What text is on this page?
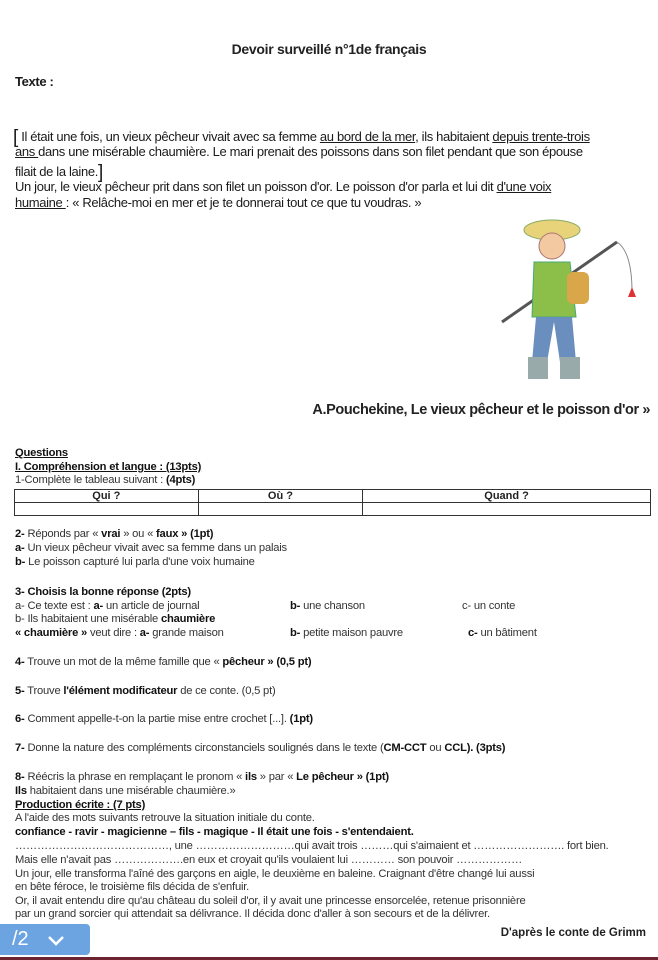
Devoir surveillé n°1de français
Texte :
[ Il était une fois, un vieux pêcheur vivait avec sa femme au bord de la mer, ils habitaient depuis trente-trois
ans dans une misérable chaumière. Le mari prenait des poissons dans son filet pendant que son épouse
filait de la laine.]
Un jour, le vieux pêcheur prit dans son filet un poisson d'or. Le poisson d'or parla et lui dit d'une voix
humaine : « Relâche-moi en mer et je te donnerai tout ce que tu voudras. »
A.Pouchekine, Le vieux pêcheur et le poisson d'or »
Questions
I. Compréhension et langue : (13pts)
1-Complète le tableau suivant : (4pts)
Qui ?	Où ?	Quand ?

2- Réponds par « vrai » ou « faux » (1pt)
a- Un vieux pêcheur vivait avec sa femme dans un palais
b- Le poisson capturé lui parla d'une voix humaine
3- Choisis la bonne réponse (2pts)
a- Ce texte est : a- un article de journal	b- une chanson	c- un conte
b- Ils habitaient une misérable chaumière
« chaumière » veut dire : a- grande maison	b- petite maison pauvre	c- un bâtiment
4- Trouve un mot de la même famille que « pêcheur » (0,5 pt)
5- Trouve l'élément modificateur de ce conte. (0,5 pt)
6- Comment appelle-t-on la partie mise entre crochet [...]. (1pt)
7- Donne la nature des compléments circonstanciels soulignés dans le texte (CM-CCT ou CCL). (3pts)
8- Réécris la phrase en remplaçant le pronom « ils » par « Le pêcheur » (1pt)
Ils habitaient dans une misérable chaumière.»
Production écrite : (7 pts)
A l'aide des mots suivants retrouve la situation initiale du conte.
confiance - ravir - magicienne – fils - magique - Il était une fois - s'entendaient.
……………………………………, une ………………………qui avait trois ………qui s'aimaient et ……………………. fort bien.
Mais elle n'avait pas ……………….en eux et croyait qu'ils voulaient lui ………… son pouvoir ………………
Un jour, elle transforma l'aîné des garçons en aigle, le deuxième en baleine. Craignant d'être changé lui aussi
en bête féroce, le troisième fils décida de s'enfuir.
Or, il avait entendu dire qu'au château du soleil d'or, il y avait une princesse ensorcelée, retenue prisonnière
par un grand sorcier qui attendait sa délivrance. Il décida donc d'aller à son secours et de la délivrer.
D'après le conte de Grimm
/2
